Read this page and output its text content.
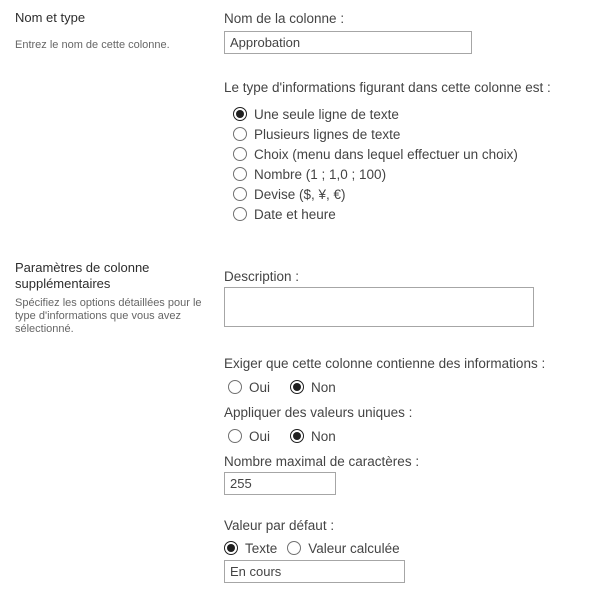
Nom et type
Entrez le nom de cette colonne.
Nom de la colonne :
Approbation
Le type d'informations figurant dans cette colonne est :
Une seule ligne de texte
Plusieurs lignes de texte
Choix (menu dans lequel effectuer un choix)
Nombre (1 ; 1,0 ; 100)
Devise ($, ¥, €)
Date et heure
Paramètres de colonne supplémentaires
Spécifiez les options détaillées pour le type d'informations que vous avez sélectionné.
Description :
Exiger que cette colonne contienne des informations :
Oui	Non
Appliquer des valeurs uniques :
Oui	Non
Nombre maximal de caractères :
255
Valeur par défaut :
Texte Valeur calculée
En cours
